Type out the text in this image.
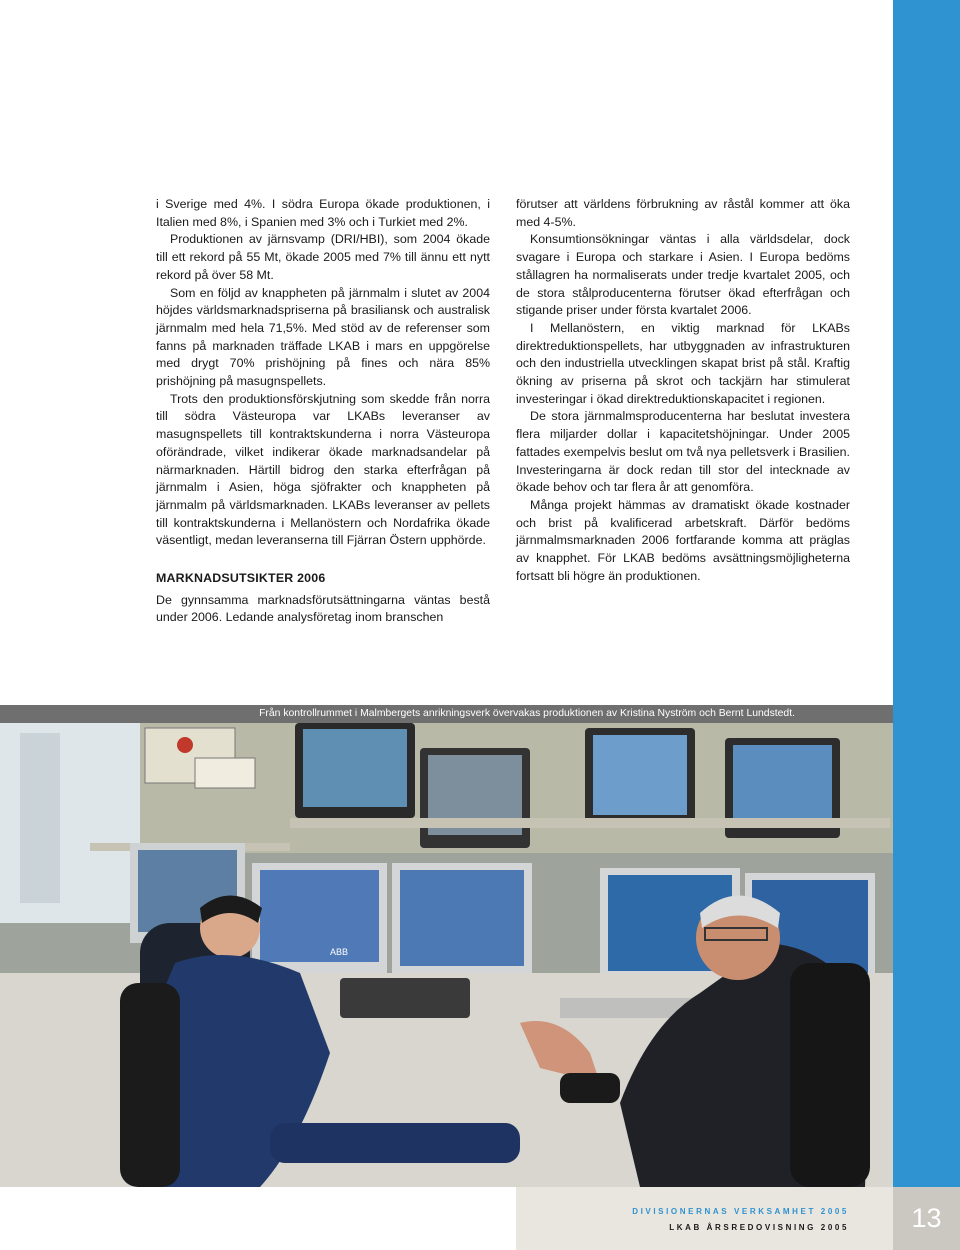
i Sverige med 4%. I södra Europa ökade produktionen, i Italien med 8%, i Spanien med 3% och i Turkiet med 2%.

Produktionen av järnsvamp (DRI/HBI), som 2004 ökade till ett rekord på 55 Mt, ökade 2005 med 7% till ännu ett nytt rekord på över 58 Mt.

Som en följd av knappheten på järnmalm i slutet av 2004 höjdes världsmarknadspriserna på brasiliansk och australisk järnmalm med hela 71,5%. Med stöd av de referenser som fanns på marknaden träffade LKAB i mars en uppgörelse med drygt 70% prishöjning på fines och nära 85% prishöjning på masugnspellets.

Trots den produktionsförskjutning som skedde från norra till södra Västeuropa var LKABs leveranser av masugnspellets till kontraktskunderna i norra Västeuropa oförändrade, vilket indikerar ökade marknadsandelar på närmarknaden. Härtill bidrog den starka efterfrågan på järnmalm i Asien, höga sjöfrakter och knappheten på järnmalm på världsmarknaden. LKABs leveranser av pellets till kontraktskunderna i Mellanöstern och Nordafrika ökade väsentligt, medan leveranserna till Fjärran Östern upphörde.

MARKNADSUTSIKTER 2006

De gynnsamma marknadsförutsättningarna väntas bestå under 2006. Ledande analysföretag inom branschen

förutser att världens förbrukning av råstål kommer att öka med 4-5%.

Konsumtionsökningar väntas i alla världsdelar, dock svagare i Europa och starkare i Asien. I Europa bedöms stållagren ha normaliserats under tredje kvartalet 2005, och de stora stålproducenterna förutser ökad efterfrågan och stigande priser under första kvartalet 2006.

I Mellanöstern, en viktig marknad för LKABs direktreduktionspellets, har utbyggnaden av infrastrukturen och den industriella utvecklingen skapat brist på stål. Kraftig ökning av priserna på skrot och tackjärn har stimulerat investeringar i ökad direktreduktionskapacitet i regionen.

De stora järnmalmsproducenterna har beslutat investera flera miljarder dollar i kapacitetshöjningar. Under 2005 fattades exempelvis beslut om två nya pelletsverk i Brasilien. Investeringarna är dock redan till stor del intecknade av ökade behov och tar flera år att genomföra.

Många projekt hämmas av dramatiskt ökade kostnader och brist på kvalificerad arbetskraft. Därför bedöms järnmalmsmarknaden 2006 fortfarande komma att präglas av knapphet. För LKAB bedöms avsättningsmöjligheterna fortsatt bli högre än produktionen.

Från kontrollrummet i Malmbergets anrikningsverk övervakas produktionen av Kristina Nyström och Bernt Lundstedt.
ABB
DIVISIONERNAS VERKSAMHET 2005
LKAB ÅRSREDOVISNING 2005	13
